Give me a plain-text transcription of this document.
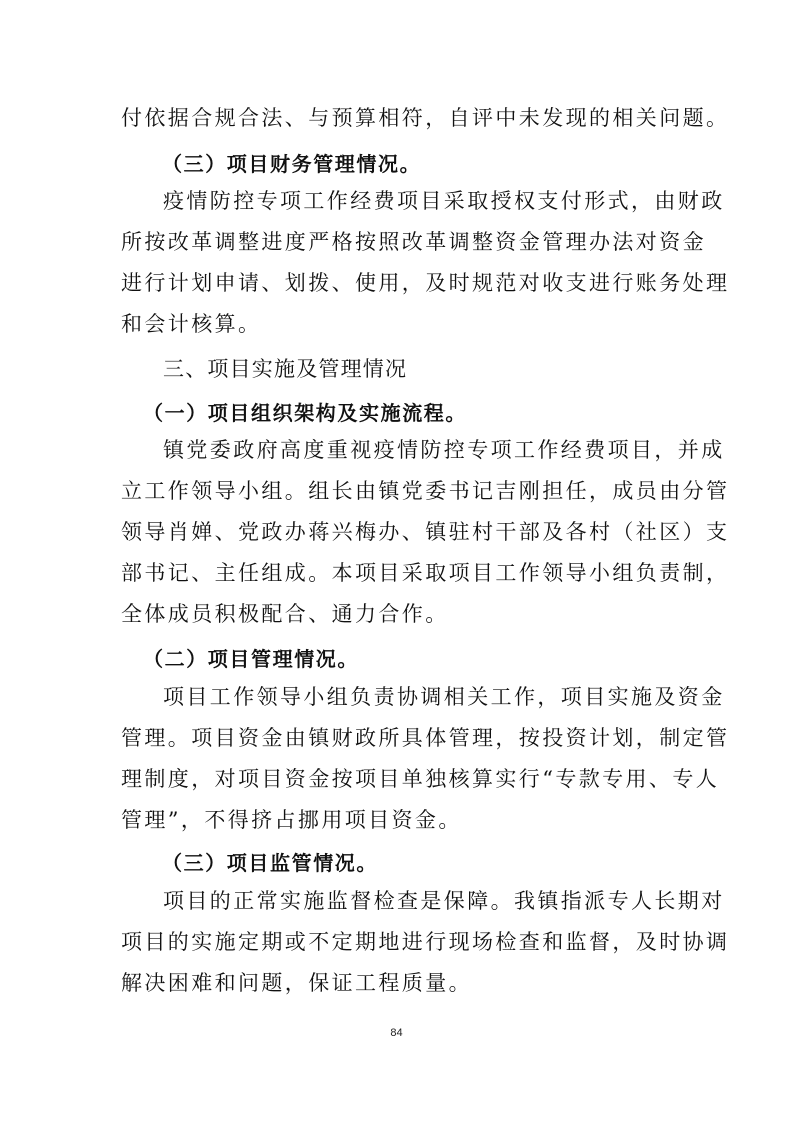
付依据合规合法、与预算相符，自评中未发现的相关问题。
（三）项目财务管理情况。
疫情防控专项工作经费项目采取授权支付形式，由财政
所按改革调整进度严格按照改革调整资金管理办法对资金
进行计划申请、划拨、使用，及时规范对收支进行账务处理
和会计核算。
三、项目实施及管理情况
（一）项目组织架构及实施流程。
镇党委政府高度重视疫情防控专项工作经费项目，并成
立工作领导小组。组长由镇党委书记吉刚担任，成员由分管
领导肖婵、党政办蒋兴梅办、镇驻村干部及各村（社区）支
部书记、主任组成。本项目采取项目工作领导小组负责制，
全体成员积极配合、通力合作。
（二）项目管理情况。
项目工作领导小组负责协调相关工作，项目实施及资金
管理。项目资金由镇财政所具体管理，按投资计划，制定管
理制度，对项目资金按项目单独核算实行“专款专用、专人
管理”，不得挤占挪用项目资金。
（三）项目监管情况。
项目的正常实施监督检查是保障。我镇指派专人长期对
项目的实施定期或不定期地进行现场检查和监督，及时协调
解决困难和问题，保证工程质量。
84
